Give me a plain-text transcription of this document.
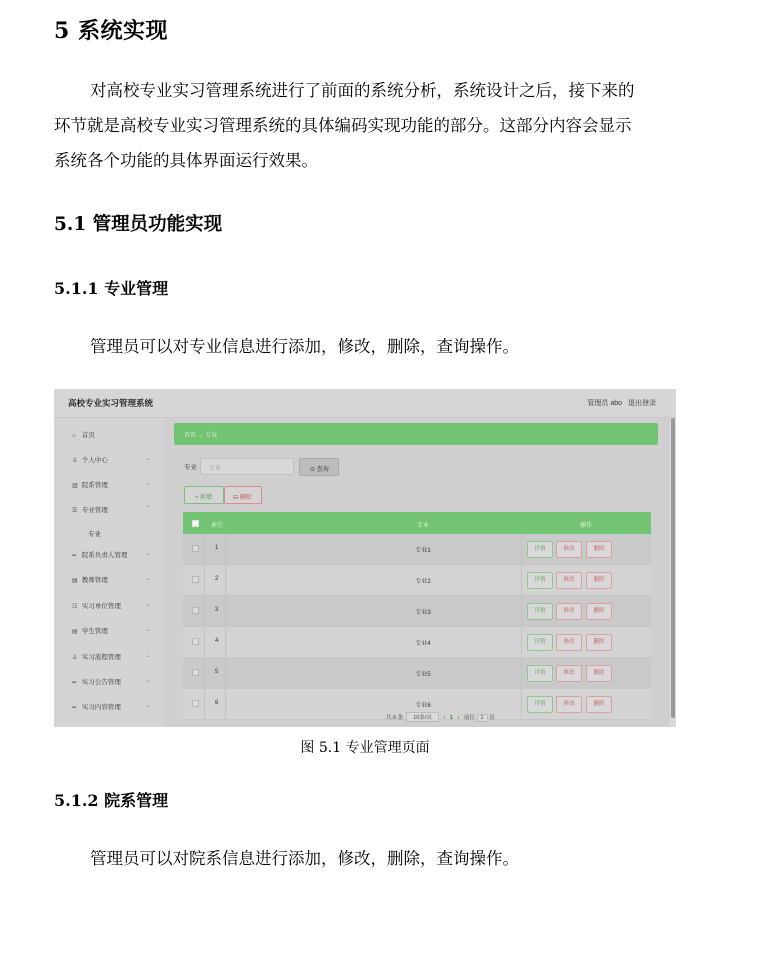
5 系统实现
对高校专业实习管理系统进行了前面的系统分析，系统设计之后，接下来的
环节就是高校专业实习管理系统的具体编码实现功能的部分。这部分内容会显示
系统各个功能的具体界面运行效果。
5.1 管理员功能实现
5.1.1 专业管理
管理员可以对专业信息进行添加，修改，删除，查询操作。
高校专业实习管理系统	管理员 abo 退出登录
⌂ 首页
♙ 个人中心	⌄
▥ 院系管理	⌄
☰ 专业管理	⌃
专业
▪▪ 院系负责人管理	⌄
▤ 教师管理	⌄
☷ 实习单位管理	⌄
▤ 学生管理	⌄
♙ 实习流程管理	⌄
▪▪ 实习公告管理	⌄
▪▪ 实习内容管理	⌄
首页 → 专业
专业 专业	⊙ 查询
+ 新增	⊟ 删除
索引	专业	操作
1	专业1	详情	修改	删除
2	专业2	详情	修改	删除
3	专业3	详情	修改	删除
4	专业4	详情	修改	删除
5	专业5	详情	修改	删除
6	专业6	详情	修改	删除
共 6 条 10条/页 ‹ 1 › 前往 1 页
图 5.1 专业管理页面
5.1.2 院系管理
管理员可以对院系信息进行添加，修改，删除，查询操作。
